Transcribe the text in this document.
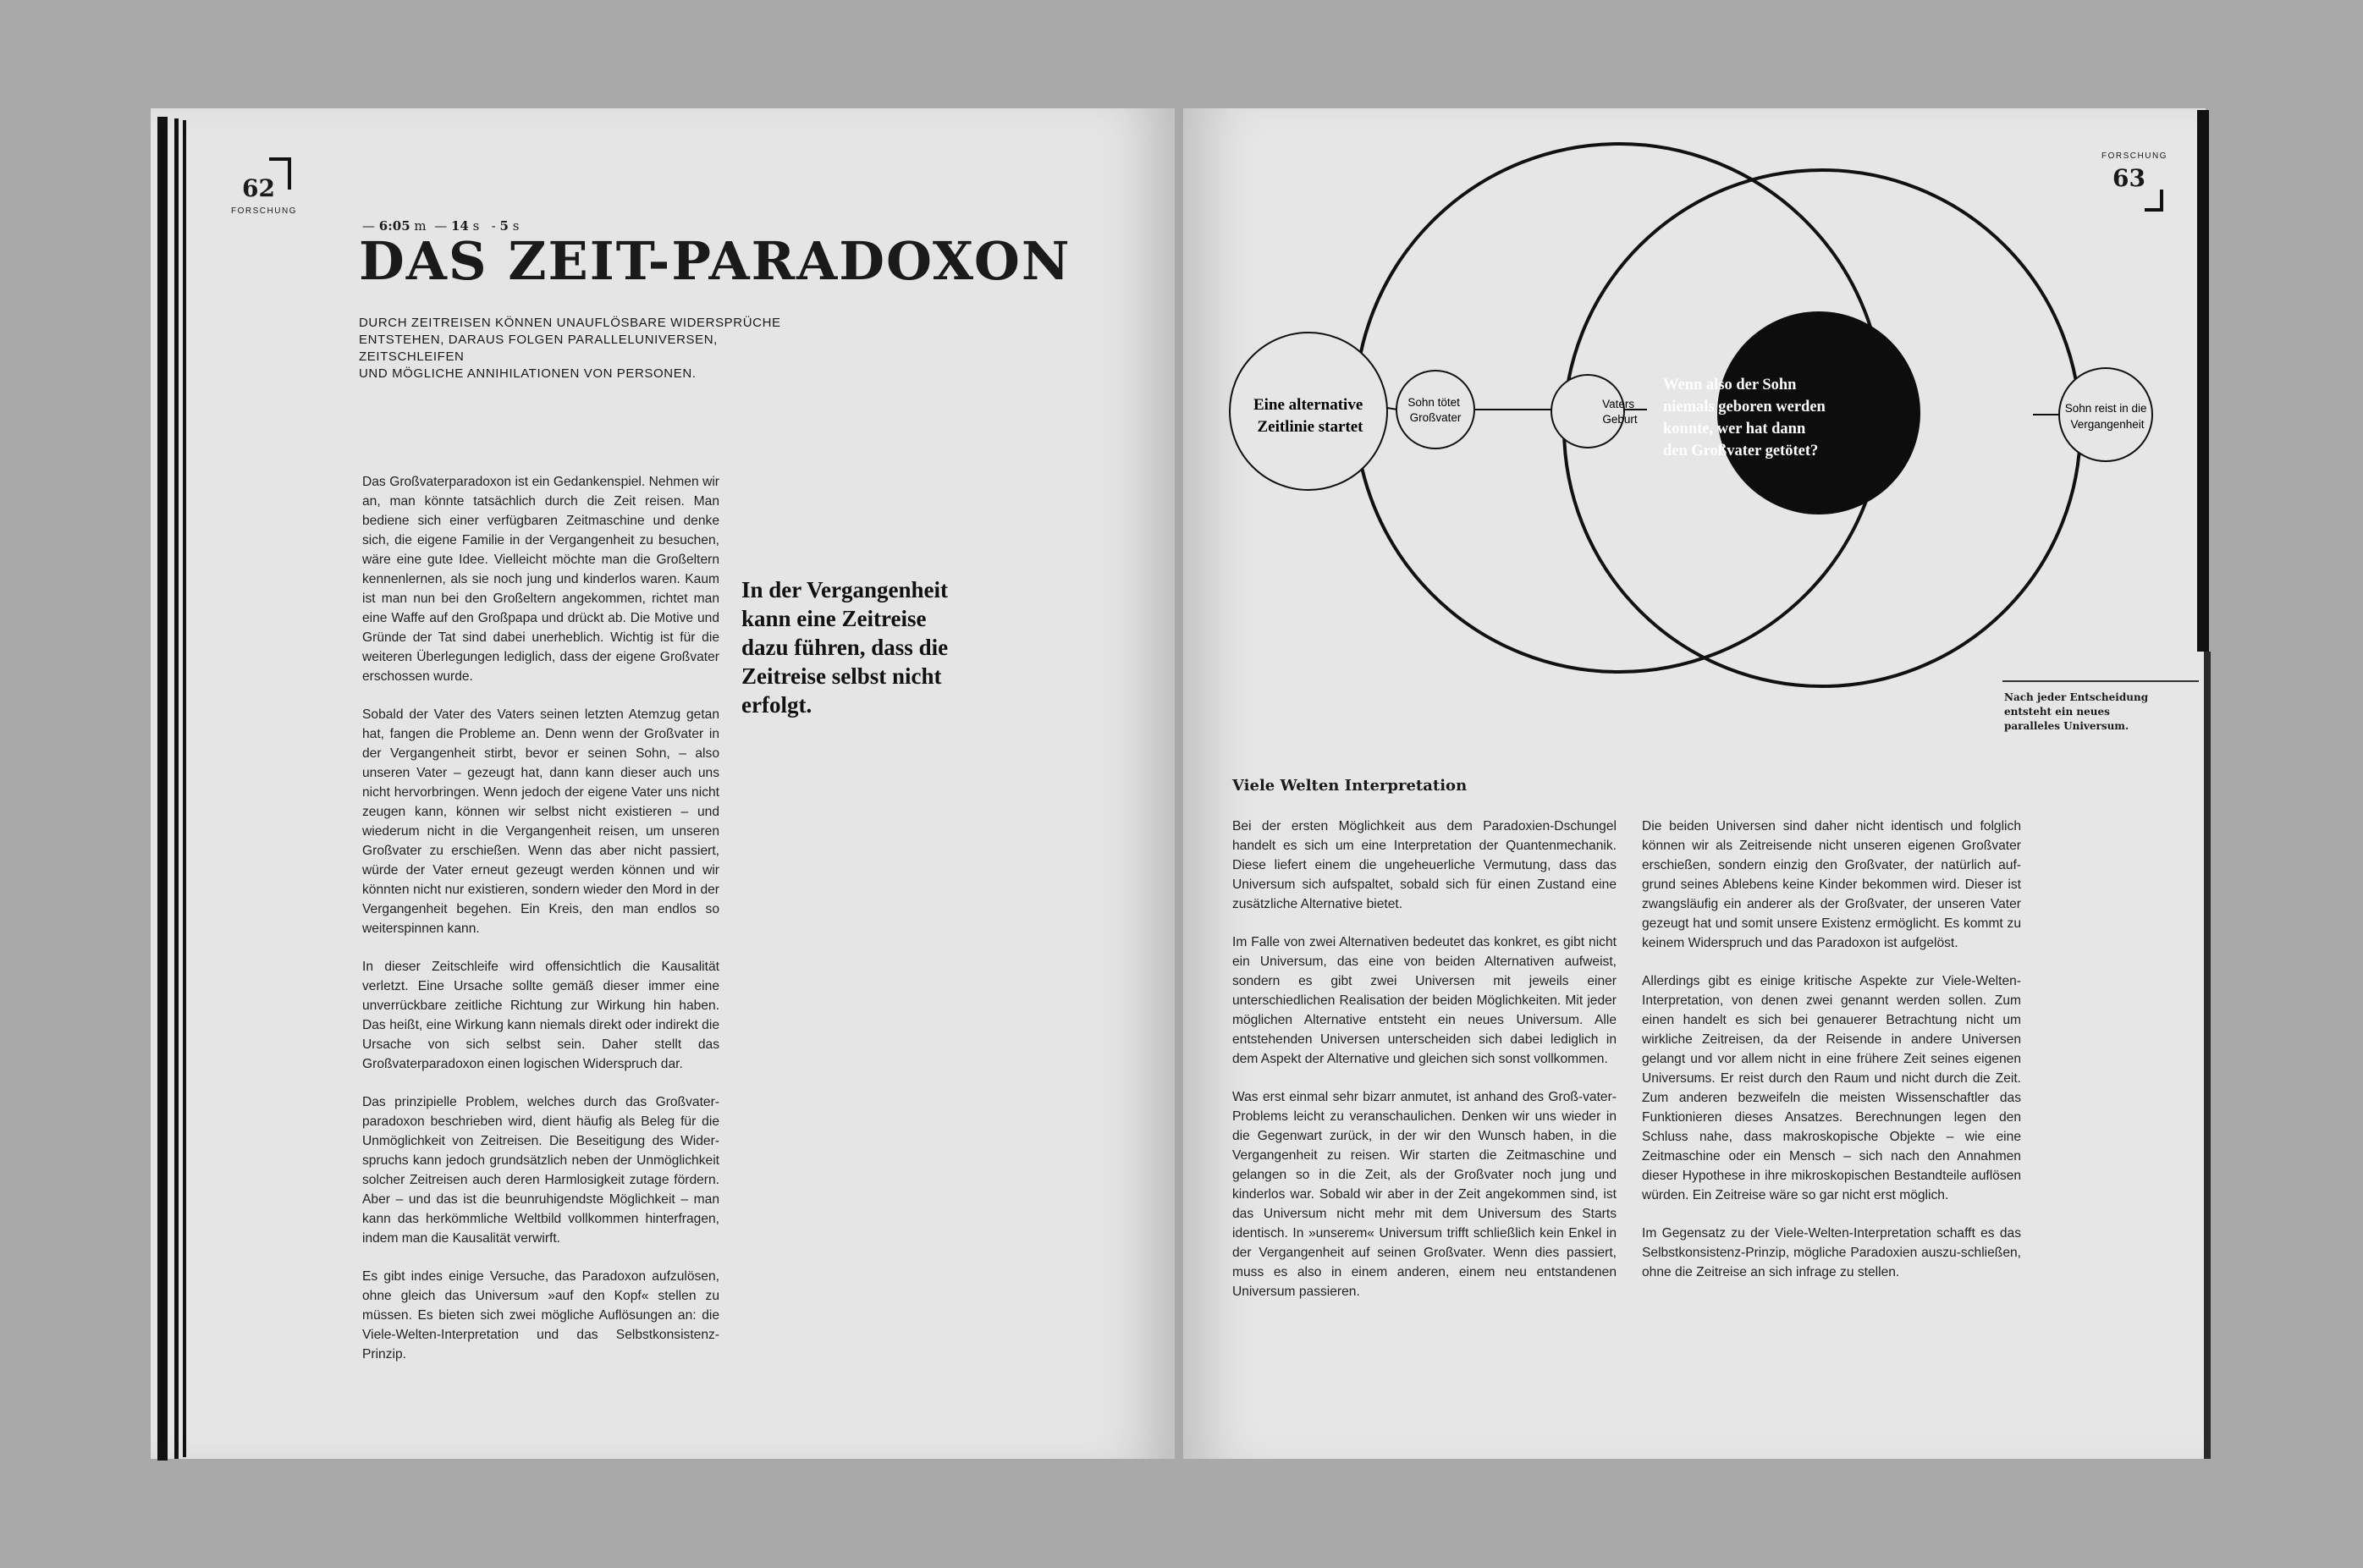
62
FORSCHUNG
— 6:05 m  — 14 s   - 5 s
DAS ZEIT-PARADOXON
DURCH ZEITREISEN KÖNNEN UNAUFLÖSBARE WIDERSPRÜCHE
ENTSTEHEN, DARAUS FOLGEN PARALLELUNIVERSEN, ZEITSCHLEIFEN
UND MÖGLICHE ANNIHILATIONEN VON PERSONEN.

Das Großvaterparadoxon ist ein Gedankenspiel. Nehmen wir an, man könnte tatsächlich durch die Zeit reisen. Man bediene sich einer verfügbaren Zeitmaschine und denke sich, die eigene Familie in der Vergangenheit zu besuchen, wäre eine gute Idee. Vielleicht möchte man die Großeltern kennenlernen, als sie noch jung und kinderlos waren. Kaum ist man nun bei den Großeltern angekommen, richtet man eine Waffe auf den Großpapa und drückt ab. Die Motive und Gründe der Tat sind dabei unerheblich. Wichtig ist für die weiteren Überlegungen lediglich, dass der eigene Großvater erschossen wurde.

Sobald der Vater des Vaters seinen letzten Atemzug getan hat, fangen die Probleme an. Denn wenn der Großvater in der Vergangenheit stirbt, bevor er seinen Sohn, – also unseren Vater – gezeugt hat, dann kann dieser auch uns nicht hervorbringen. Wenn jedoch der eigene Vater uns nicht zeugen kann, können wir selbst nicht existieren – und wiederum nicht in die Vergangenheit reisen, um unseren Großvater zu erschießen. Wenn das aber nicht passiert, würde der Vater erneut gezeugt werden können und wir könnten nicht nur existieren, sondern wieder den Mord in der Vergangenheit begehen. Ein Kreis, den man endlos so weiterspinnen kann.

In dieser Zeitschleife wird offensichtlich die Kausalität verletzt. Eine Ursache sollte gemäß dieser immer eine unverrückbare zeitliche Richtung zur Wirkung hin haben. Das heißt, eine Wirkung kann niemals direkt oder indirekt die Ursache von sich selbst sein. Daher stellt das Großvaterparadoxon einen logischen Widerspruch dar.

Das prinzipielle Problem, welches durch das Großvater-paradoxon beschrieben wird, dient häufig als Beleg für die Unmöglichkeit von Zeitreisen. Die Beseitigung des Wider-spruchs kann jedoch grundsätzlich neben der Unmöglichkeit solcher Zeitreisen auch deren Harmlosigkeit zutage fördern. Aber – und das ist die beunruhigendste Möglichkeit – man kann das herkömmliche Weltbild vollkommen hinterfragen, indem man die Kausalität verwirft.

Es gibt indes einige Versuche, das Paradoxon aufzulösen, ohne gleich das Universum »auf den Kopf« stellen zu müssen. Es bieten sich zwei mögliche Auflösungen an: die Viele-Welten-Interpretation und das Selbstkonsistenz-Prinzip.

In der Vergangenheit kann eine Zeitreise dazu führen, dass die Zeitreise selbst nicht erfolgt.
FORSCHUNG
63
Eine alternative Zeitlinie startet
Sohn tötet Großvater
Vaters Geburt
Wenn also der Sohn niemals geboren werden konnte, wer hat dann den Großvater getötet?
Sohn reist in die Vergangenheit
Nach jeder Entscheidung entsteht ein neues paralleles Universum.
Viele Welten Interpretation

Bei der ersten Möglichkeit aus dem Paradoxien-Dschungel handelt es sich um eine Interpretation der Quantenmechanik. Diese liefert einem die ungeheuerliche Vermutung, dass das Universum sich aufspaltet, sobald sich für einen Zustand eine zusätzliche Alternative bietet.

Im Falle von zwei Alternativen bedeutet das konkret, es gibt nicht ein Universum, das eine von beiden Alternativen aufweist, sondern es gibt zwei Universen mit jeweils einer unterschiedlichen Realisation der beiden Möglichkeiten. Mit jeder möglichen Alternative entsteht ein neues Universum. Alle entstehenden Universen unterscheiden sich dabei lediglich in dem Aspekt der Alternative und gleichen sich sonst vollkommen.

Was erst einmal sehr bizarr anmutet, ist anhand des Groß-vater-Problems leicht zu veranschaulichen. Denken wir uns wieder in die Gegenwart zurück, in der wir den Wunsch haben, in die Vergangenheit zu reisen. Wir starten die Zeitmaschine und gelangen so in die Zeit, als der Großvater noch jung und kinderlos war. Sobald wir aber in der Zeit angekommen sind, ist das Universum nicht mehr mit dem Universum des Starts identisch. In »unserem« Universum trifft schließlich kein Enkel in der Vergangenheit auf seinen Großvater. Wenn dies passiert, muss es also in einem anderen, einem neu entstandenen Universum passieren.

Die beiden Universen sind daher nicht identisch und folglich können wir als Zeitreisende nicht unseren eigenen Großvater erschießen, sondern einzig den Großvater, der natürlich auf-grund seines Ablebens keine Kinder bekommen wird. Dieser ist zwangsläufig ein anderer als der Großvater, der unseren Vater gezeugt hat und somit unsere Existenz ermöglicht. Es kommt zu keinem Widerspruch und das Paradoxon ist aufgelöst.

Allerdings gibt es einige kritische Aspekte zur Viele-Welten-Interpretation, von denen zwei genannt werden sollen. Zum einen handelt es sich bei genauerer Betrachtung nicht um wirkliche Zeitreisen, da der Reisende in andere Universen gelangt und vor allem nicht in eine frühere Zeit seines eigenen Universums. Er reist durch den Raum und nicht durch die Zeit. Zum anderen bezweifeln die meisten Wissenschaftler das Funktionieren dieses Ansatzes. Berechnungen legen den Schluss nahe, dass makroskopische Objekte – wie eine Zeitmaschine oder ein Mensch – sich nach den Annahmen dieser Hypothese in ihre mikroskopischen Bestandteile auflösen würden. Ein Zeitreise wäre so gar nicht erst möglich.

Im Gegensatz zu der Viele-Welten-Interpretation schafft es das Selbstkonsistenz-Prinzip, mögliche Paradoxien auszu-schließen, ohne die Zeitreise an sich infrage zu stellen.
